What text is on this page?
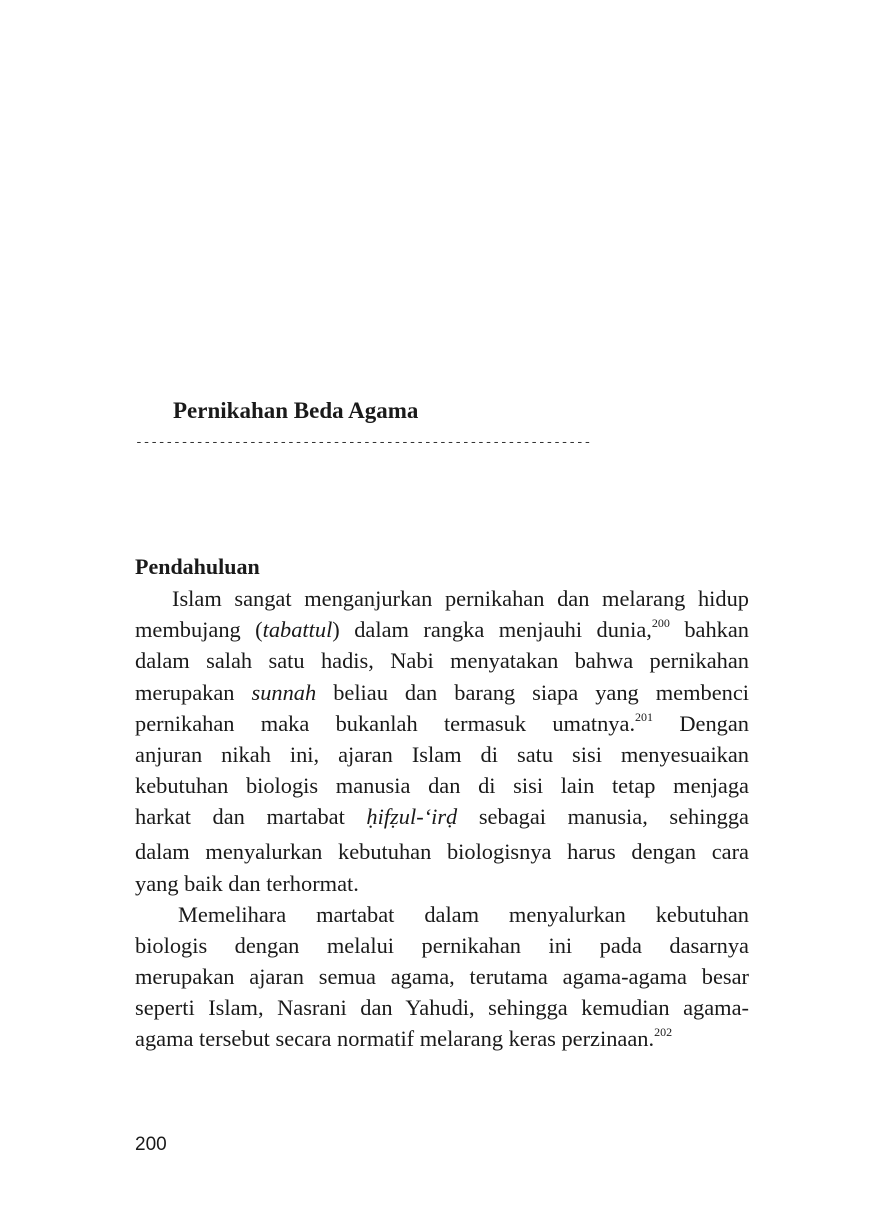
Pernikahan Beda Agama
------------------------------------------------------------
Pendahuluan
Islam sangat menganjurkan pernikahan dan melarang hidup
membujang (tabattul) dalam rangka menjauhi dunia,$^{200}$ bahkan
dalam salah satu hadis, Nabi menyatakan bahwa pernikahan
merupakan sunnah beliau dan barang siapa yang membenci
pernikahan maka bukanlah termasuk umatnya.$^{201}$ Dengan
anjuran nikah ini, ajaran Islam di satu sisi menyesuaikan
kebutuhan biologis manusia dan di sisi lain tetap menjaga
harkat dan martabat ḥifẓul-ʻirḍ sebagai manusia, sehingga
dalam menyalurkan kebutuhan biologisnya harus dengan cara
yang baik dan terhormat.
Memelihara martabat dalam menyalurkan kebutuhan
biologis dengan melalui pernikahan ini pada dasarnya
merupakan ajaran semua agama, terutama agama-agama besar
seperti Islam, Nasrani dan Yahudi, sehingga kemudian agama-
agama tersebut secara normatif melarang keras perzinaan.$^{202}$

200
